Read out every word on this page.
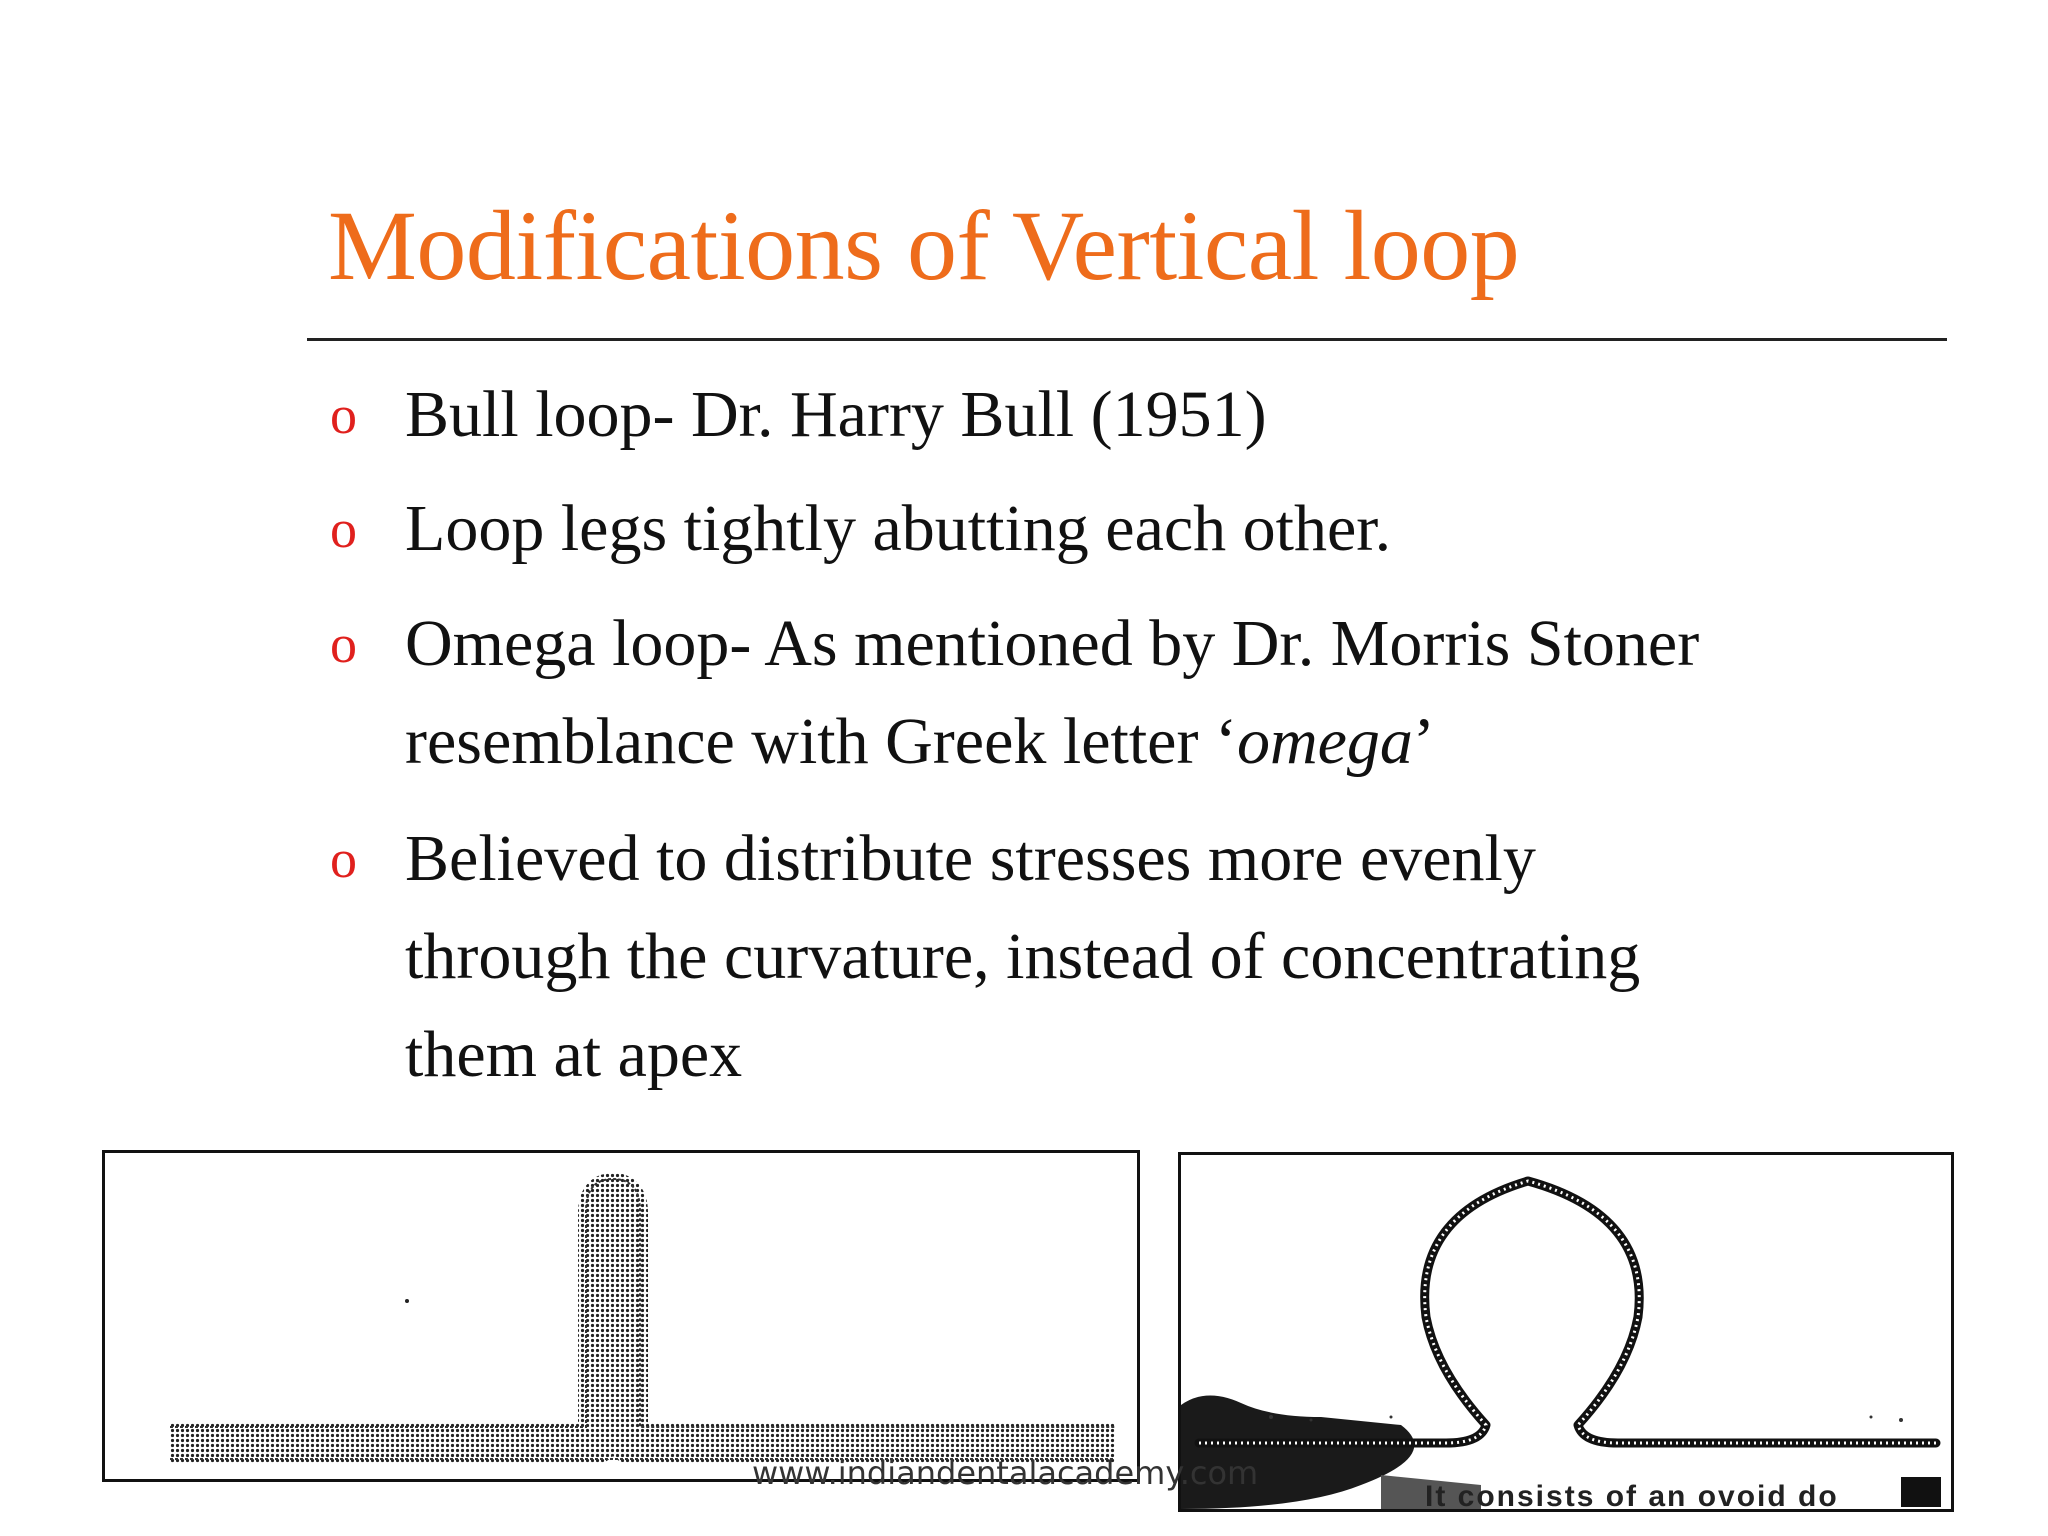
Modifications of Vertical loop
o Bull loop- Dr. Harry Bull (1951)
o Loop legs tightly abutting each other.
o Omega loop- As mentioned by Dr. Morris Stoner
resemblance with Greek letter ‘omega’
o Believed to distribute stresses more evenly
through the curvature, instead of concentrating
them at apex
It consists of an ovoid do
www.indiandentalacademy.com
